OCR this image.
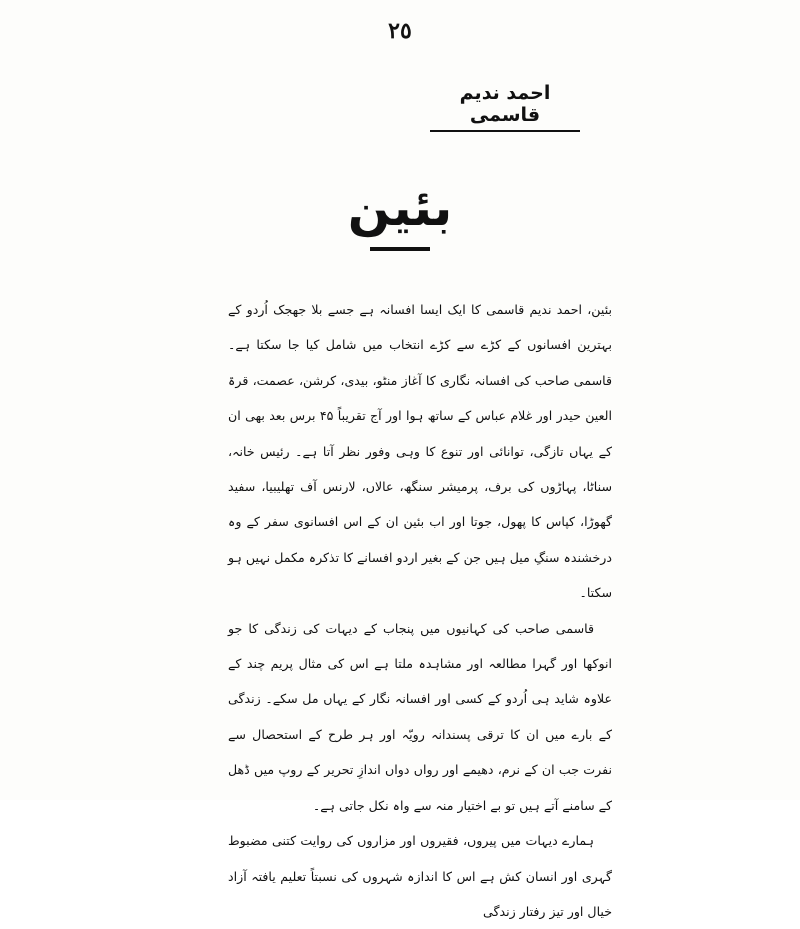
٢٥
احمد ندیم قاسمی
بئین

بئین، احمد ندیم قاسمی کا ایک ایسا افسانہ ہے جسے بلا جھجک اُردو کے بہترین افسانوں کے کڑے سے کڑے انتخاب میں شامل کیا جا سکتا ہے۔ قاسمی صاحب کی افسانہ نگاری کا آغاز منٹو، بیدی، کرشن، عصمت، قرۃ العین حیدر اور غلام عباس کے ساتھ ہوا اور آج تقریباً ۴۵ برس بعد بھی ان کے یہاں تازگی، توانائی اور تنوع کا وہی وفور نظر آتا ہے۔ رئیس خانہ، سناٹا، پہاڑوں کی برف، پرمیشر سنگھ، عالاں، لارنس آف تھلیبیا، سفید گھوڑا، کپاس کا پھول، جوتا اور اب بئین ان کے اس افسانوی سفر کے وہ درخشندہ سنگِ میل ہیں جن کے بغیر اردو افسانے کا تذکرہ مکمل نہیں ہو سکتا۔

قاسمی صاحب کی کہانیوں میں پنجاب کے دیہات کی زندگی کا جو انوکھا اور گہرا مطالعہ اور مشاہدہ ملتا ہے اس کی مثال پریم چند کے علاوہ شاید ہی اُردو کے کسی اور افسانہ نگار کے یہاں مل سکے۔ زندگی کے بارے میں ان کا ترقی پسندانہ رویّہ اور ہر طرح کے استحصال سے نفرت جب ان کے نرم، دھیمے اور رواں دواں اندازِ تحریر کے روپ میں ڈھل کے سامنے آتے ہیں تو بے اختیار منہ سے واہ نکل جاتی ہے۔

ہمارے دیہات میں پیروں، فقیروں اور مزاروں کی روایت کتنی مضبوط گہری اور انسان کش ہے اس کا اندازہ شہروں کی نسبتاً تعلیم یافتہ آزاد خیال اور تیز رفتار زندگی
